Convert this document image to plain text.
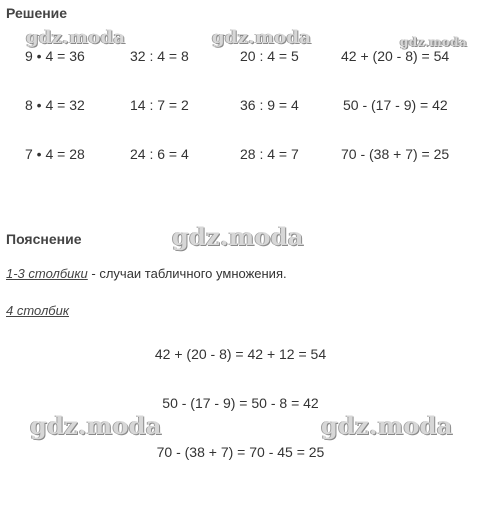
Решение
gdz.moda	gdz.moda	gdz.moda
9 • 4 = 36	32 : 4 = 8	20 : 4 = 5	42 + (20 - 8) = 54
8 • 4 = 32	14 : 7 = 2	36 : 9 = 4	50 - (17 - 9) = 42
7 • 4 = 28	24 : 6 = 4	28 : 4 = 7	70 - (38 + 7) = 25
Пояснение	gdz.moda
1-3 столбики - случаи табличного умножения.
4 столбик
42 + (20 - 8) = 42 + 12 = 54
50 - (17 - 9) = 50 - 8 = 42
70 - (38 + 7) = 70 - 45 = 25
gdz.moda	gdz.moda
